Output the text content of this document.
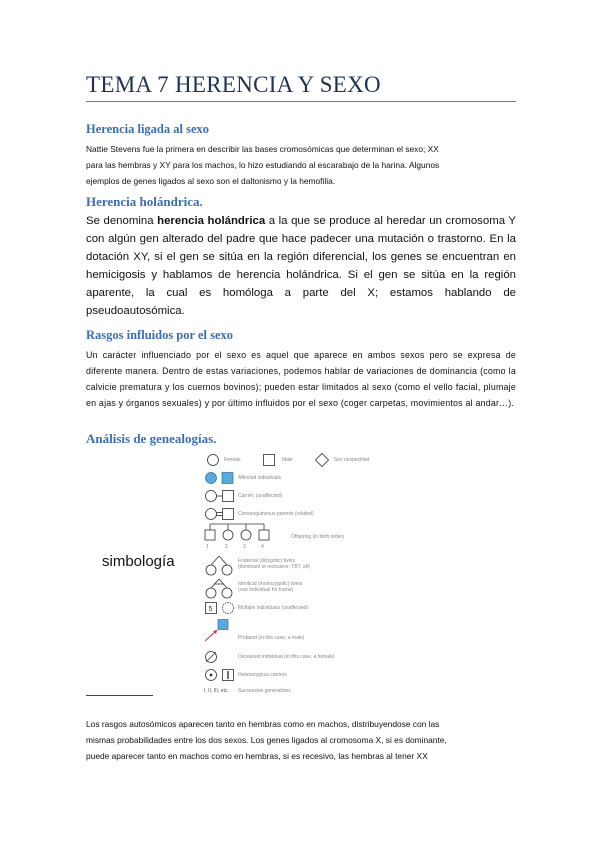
TEMA 7 HERENCIA Y SEXO
Herencia ligada al sexo
Nattie Stevens fue la primera en describir las bases cromosómicas que determinan el sexo; XX
para las hembras y XY para los machos, lo hizo estudiando al escarabajo de la harina. Algunos
ejemplos de genes ligados al sexo son el daltonismo y la hemofilia.
Herencia holándrica.
Se denomina herencia holándrica a la que se produce al heredar un cromosoma Y con algún gen alterado del padre que hace padecer una mutación o trastorno. En la dotación XY, si el gen se sitúa en la región diferencial, los genes se encuentran en hemicigosis y hablamos de herencia holándrica. Si el gen se sitúa en la región aparente, la cual es homóloga a parte del X; estamos hablando de pseudoautosómica.
Rasgos influidos por el sexo
Un carácter influenciado por el sexo es aquel que aparece en ambos sexos pero se expresa de diferente manera. Dentro de estas variaciones, podemos hablar de variaciones de dominancia (como la calvicie prematura y los cuernos bovinos); pueden estar limitados al sexo (como el vello facial, plumaje en ajas y órganos sexuales) y por último influidos por el sexo (coger carpetas, movimientos al andar…).
Análisis de genealogías.
simbología
Female	Male	Sex unspecified
Affected individuals
Carrier, (unaffected)
Consanguineous parents (related)
1	2	3	4
Offspring (in birth order)
Fraternal (dizygotic) twins
(dominant or recessive; TBT, alt)
Identical (monozygotic) twins
(one individual for frame)
5	Multiple individuals (unaffected)
Proband (in this case, a male)
Deceased individual (in this case, a female)
Heterozygous carriers
I, II, III, etc. Successive generations
Los rasgos autosómicos aparecen tanto en hembras como en machos, distribuyendose con las
mismas probabilidades entre los dos sexos. Los genes ligados al cromosoma X, si es dominante,
puede aparecer tanto en machos como en hembras, si es recesivo, las hembras al tener XX
